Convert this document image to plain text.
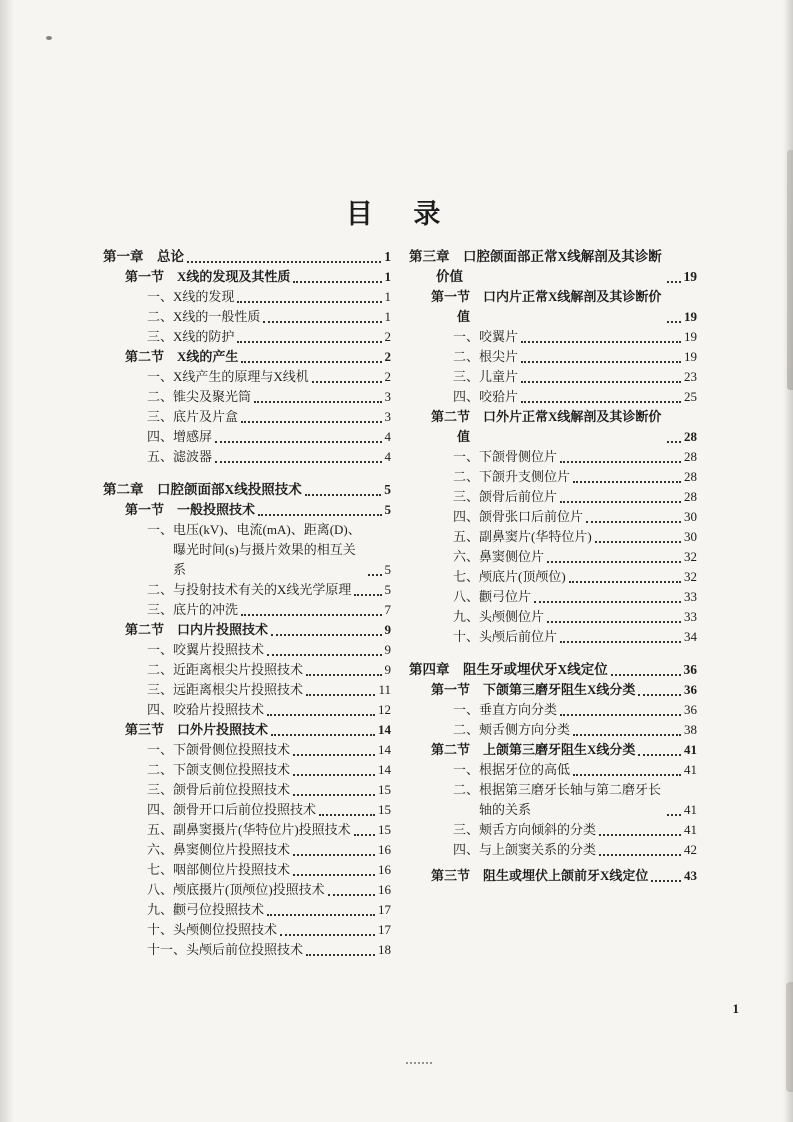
目　录
第一章　总论	1
第一节　X线的发现及其性质	1
一、X线的发现	1
二、X线的一般性质	1
三、X线的防护	2
第二节　X线的产生	2
一、X线产生的原理与X线机	2
二、锥尖及聚光筒	3
三、底片及片盒	3
四、增感屏	4
五、滤波器	4
第二章　口腔颌面部X线投照技术	5
第一节　一般投照技术	5
一、电压(kV)、电流(mA)、距离(D)、曝光时间(s)与摄片效果的相互关系	5
二、与投射技术有关的X线光学原理	5
三、底片的冲洗	7
第二节　口内片投照技术	9
一、咬翼片投照技术	9
二、近距离根尖片投照技术	9
三、远距离根尖片投照技术	11
四、咬𬌗片投照技术	12
第三节　口外片投照技术	14
一、下颌骨侧位投照技术	14
二、下颌支侧位投照技术	14
三、颌骨后前位投照技术	15
四、颌骨开口后前位投照技术	15
五、副鼻窦摄片(华特位片)投照技术 15
六、鼻窦侧位片投照技术	16
七、咽部侧位片投照技术	16
八、颅底摄片(顶颅位)投照技术	16
九、颧弓位投照技术	17
十、头颅侧位投照技术	17
十一、头颅后前位投照技术	18
第三章　口腔颌面部正常X线解剖及其诊断价值	19
第一节　口内片正常X线解剖及其诊断价值	19
一、咬翼片	19
二、根尖片	19
三、儿童片	23
四、咬𬌗片	25
第二节　口外片正常X线解剖及其诊断价值	28
一、下颌骨侧位片	28
二、下颌升支侧位片	28
三、颌骨后前位片	28
四、颌骨张口后前位片	30
五、副鼻窦片(华特位片)	30
六、鼻窦侧位片	32
七、颅底片(顶颅位)	32
八、颧弓位片	33
九、头颅侧位片	33
十、头颅后前位片	34
第四章　阻生牙或埋伏牙X线定位	36
第一节　下颌第三磨牙阻生X线分类	36
一、垂直方向分类	36
二、颊舌侧方向分类	38
第二节　上颌第三磨牙阻生X线分类	41
一、根据牙位的高低	41
二、根据第三磨牙长轴与第二磨牙长轴的关系	41
三、颊舌方向倾斜的分类	41
四、与上颌窦关系的分类	42
第三节　阻生或埋伏上颌前牙X线定位	43
1
